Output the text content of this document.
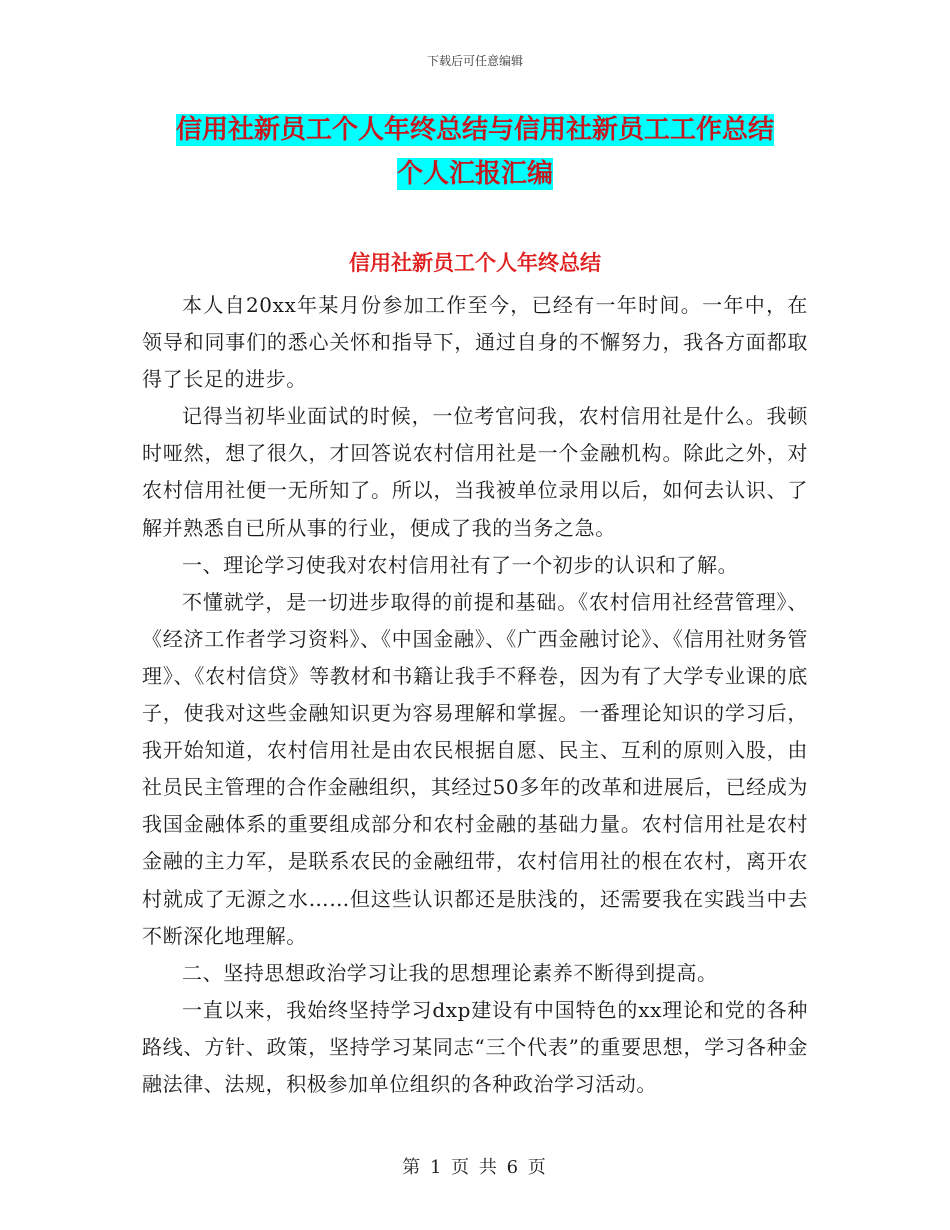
下载后可任意编辑
信用社新员工个人年终总结与信用社新员工工作总结
个人汇报汇编
信用社新员工个人年终总结

本人自20xx年某月份参加工作至今，已经有一年时间。一年中，在领导和同事们的悉心关怀和指导下，通过自身的不懈努力，我各方面都取得了长足的进步。

记得当初毕业面试的时候，一位考官问我，农村信用社是什么。我顿时哑然，想了很久，才回答说农村信用社是一个金融机构。除此之外，对农村信用社便一无所知了。所以，当我被单位录用以后，如何去认识、了解并熟悉自已所从事的行业，便成了我的当务之急。

一、理论学习使我对农村信用社有了一个初步的认识和了解。

不懂就学，是一切进步取得的前提和基础。《农村信用社经营管理》、《经济工作者学习资料》、《中国金融》、《广西金融讨论》、《信用社财务管理》、《农村信贷》等教材和书籍让我手不释卷，因为有了大学专业课的底子，使我对这些金融知识更为容易理解和掌握。一番理论知识的学习后，我开始知道，农村信用社是由农民根据自愿、民主、互利的原则入股，由社员民主管理的合作金融组织，其经过50多年的改革和进展后，已经成为我国金融体系的重要组成部分和农村金融的基础力量。农村信用社是农村金融的主力军，是联系农民的金融纽带，农村信用社的根在农村，离开农村就成了无源之水……但这些认识都还是肤浅的，还需要我在实践当中去不断深化地理解。

二、坚持思想政治学习让我的思想理论素养不断得到提高。

一直以来，我始终坚持学习dxp建设有中国特色的xx理论和党的各种路线、方针、政策，坚持学习某同志“三个代表”的重要思想，学习各种金融法律、法规，积极参加单位组织的各种政治学习活动。

第 1 页 共 6 页
